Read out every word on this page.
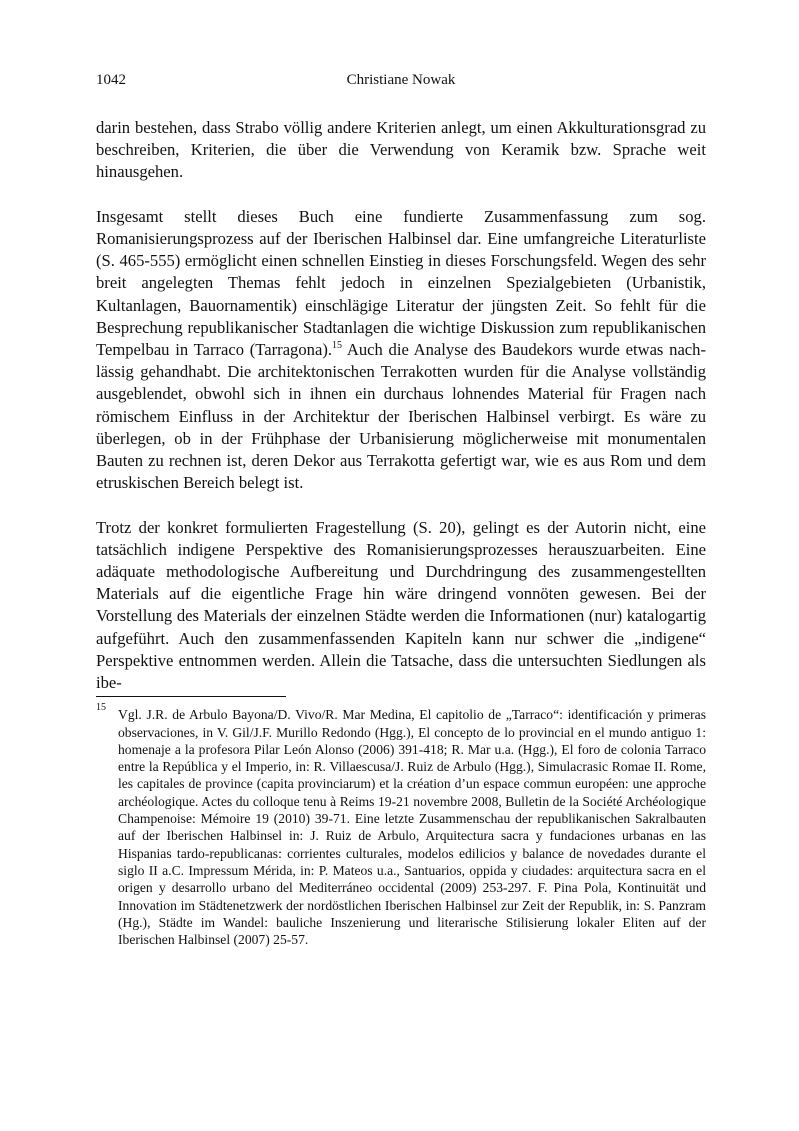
1042	Christiane Nowak

darin bestehen, dass Strabo völlig andere Kriterien anlegt, um einen Akkulturationsgrad zu beschreiben, Kriterien, die über die Verwendung von Keramik bzw. Sprache weit hinausgehen.

Insgesamt stellt dieses Buch eine fundierte Zusammenfassung zum sog. Romanisierungsprozess auf der Iberischen Halbinsel dar. Eine umfangreiche Literaturliste (S. 465-555) ermöglicht einen schnellen Einstieg in dieses Forschungsfeld. Wegen des sehr breit angelegten Themas fehlt jedoch in einzelnen Spezialgebieten (Urbanistik, Kultanlagen, Bauornamentik) einschlägige Literatur der jüngsten Zeit. So fehlt für die Besprechung republikanischer Stadtanlagen die wichtige Diskussion zum republikanischen Tempelbau in Tarraco (Tarragona).$^{15}$ Auch die Analyse des Baudekors wurde etwas nachlässig gehandhabt. Die architektonischen Terrakotten wurden für die Analyse vollständig ausgeblendet, obwohl sich in ihnen ein durchaus lohnendes Material für Fragen nach römischem Einfluss in der Architektur der Iberischen Halbinsel verbirgt. Es wäre zu überlegen, ob in der Frühphase der Urbanisierung möglicherweise mit monumentalen Bauten zu rechnen ist, deren Dekor aus Terrakotta gefertigt war, wie es aus Rom und dem etruskischen Bereich belegt ist.

Trotz der konkret formulierten Fragestellung (S. 20), gelingt es der Autorin nicht, eine tatsächlich indigene Perspektive des Romanisierungsprozesses herauszuarbeiten. Eine adäquate methodologische Aufbereitung und Durchdringung des zusammengestellten Materials auf die eigentliche Frage hin wäre dringend vonnöten gewesen. Bei der Vorstellung des Materials der einzelnen Städte werden die Informationen (nur) katalogartig aufgeführt. Auch den zusammenfassenden Kapiteln kann nur schwer die „indigene“ Perspektive entnommen werden. Allein die Tatsache, dass die untersuchten Siedlungen als ibe-

15 Vgl. J.R. de Arbulo Bayona/D. Vivo/R. Mar Medina, El capitolio de „Tarraco“: identificación y primeras observaciones, in V. Gil/J.F. Murillo Redondo (Hgg.), El concepto de lo provincial en el mundo antiguo 1: homenaje a la profesora Pilar León Alonso (2006) 391-418; R. Mar u.a. (Hgg.), El foro de colonia Tarraco entre la República y el Imperio, in: R. Villaescusa/J. Ruiz de Arbulo (Hgg.), Simulacrasic Romae II. Rome, les capitales de province (capita provinciarum) et la création d’un espace commun européen: une approche archéologique. Actes du colloque tenu à Reims 19-21 novembre 2008, Bulletin de la Société Archéologique Champenoise: Mémoire 19 (2010) 39-71. Eine letzte Zusammenschau der republikanischen Sakralbauten auf der Iberischen Halbinsel in: J. Ruiz de Arbulo, Arquitectura sacra y fundaciones urbanas en las Hispanias tardo-republicanas: corrientes culturales, modelos edilicios y balance de novedades durante el siglo II a.C. Impressum Mérida, in: P. Mateos u.a., Santuarios, oppida y ciudades: arquitectura sacra en el origen y desarrollo urbano del Mediterráneo occidental (2009) 253-297. F. Pina Pola, Kontinuität und Innovation im Städtenetzwerk der nordöstlichen Iberischen Halbinsel zur Zeit der Republik, in: S. Panzram (Hg.), Städte im Wandel: bauliche Inszenierung und literarische Stilisierung lokaler Eliten auf der Iberischen Halbinsel (2007) 25-57.
